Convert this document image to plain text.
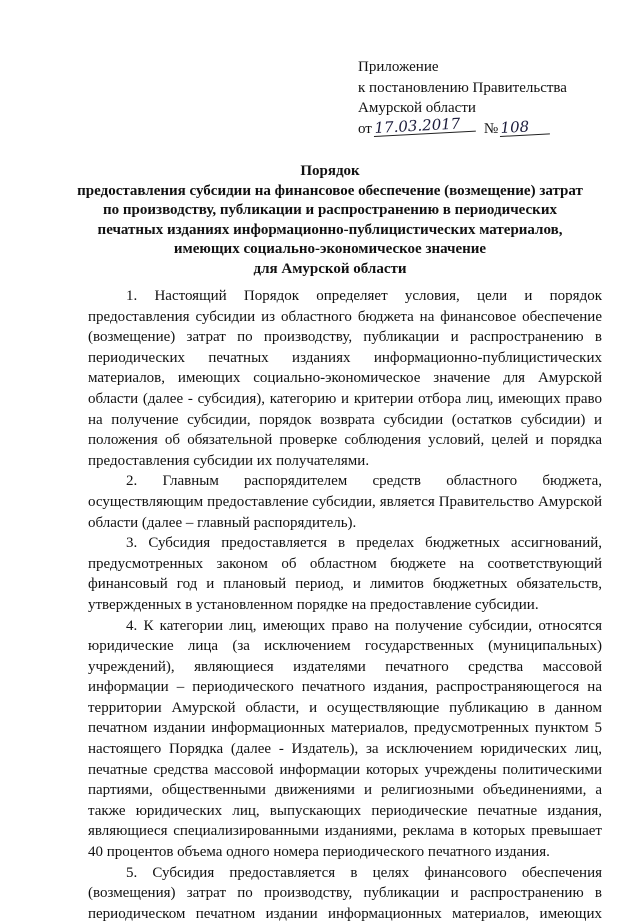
Приложение
к постановлению Правительства
Амурской области
от 17.03.2017 № 108
Порядок
предоставления субсидии на финансовое обеспечение (возмещение) затрат
по производству, публикации и распространению в периодических
печатных изданиях информационно-публицистических материалов,
имеющих социально-экономическое значение
для Амурской области

1. Настоящий Порядок определяет условия, цели и порядок предоставления субсидии из областного бюджета на финансовое обеспечение (возмещение) затрат по производству, публикации и распространению в периодических печатных изданиях информационно-публицистических материалов, имеющих социально-экономическое значение для Амурской области (далее - субсидия), категорию и критерии отбора лиц, имеющих право на получение субсидии, порядок возврата субсидии (остатков субсидии) и положения об обязательной проверке соблюдения условий, целей и порядка предоставления субсидии их получателями.

2. Главным распорядителем средств областного бюджета, осуществляющим предоставление субсидии, является Правительство Амурской области (далее – главный распорядитель).

3. Субсидия предоставляется в пределах бюджетных ассигнований, предусмотренных законом об областном бюджете на соответствующий финансовый год и плановый период, и лимитов бюджетных обязательств, утвержденных в установленном порядке на предоставление субсидии.

4. К категории лиц, имеющих право на получение субсидии, относятся юридические лица (за исключением государственных (муниципальных) учреждений), являющиеся издателями печатного средства массовой информации – периодического печатного издания, распространяющегося на территории Амурской области, и осуществляющие публикацию в данном печатном издании информационных материалов, предусмотренных пунктом 5 настоящего Порядка (далее - Издатель), за исключением юридических лиц, печатные средства массовой информации которых учреждены политическими партиями, общественными движениями и религиозными объединениями, а также юридических лиц, выпускающих периодические печатные издания, являющиеся специализированными изданиями, реклама в которых превышает 40 процентов объема одного номера периодического печатного издания.

5. Субсидия предоставляется в целях финансового обеспечения (возмещения) затрат по производству, публикации и распространению в периодическом печатном издании информационных материалов, имеющих
